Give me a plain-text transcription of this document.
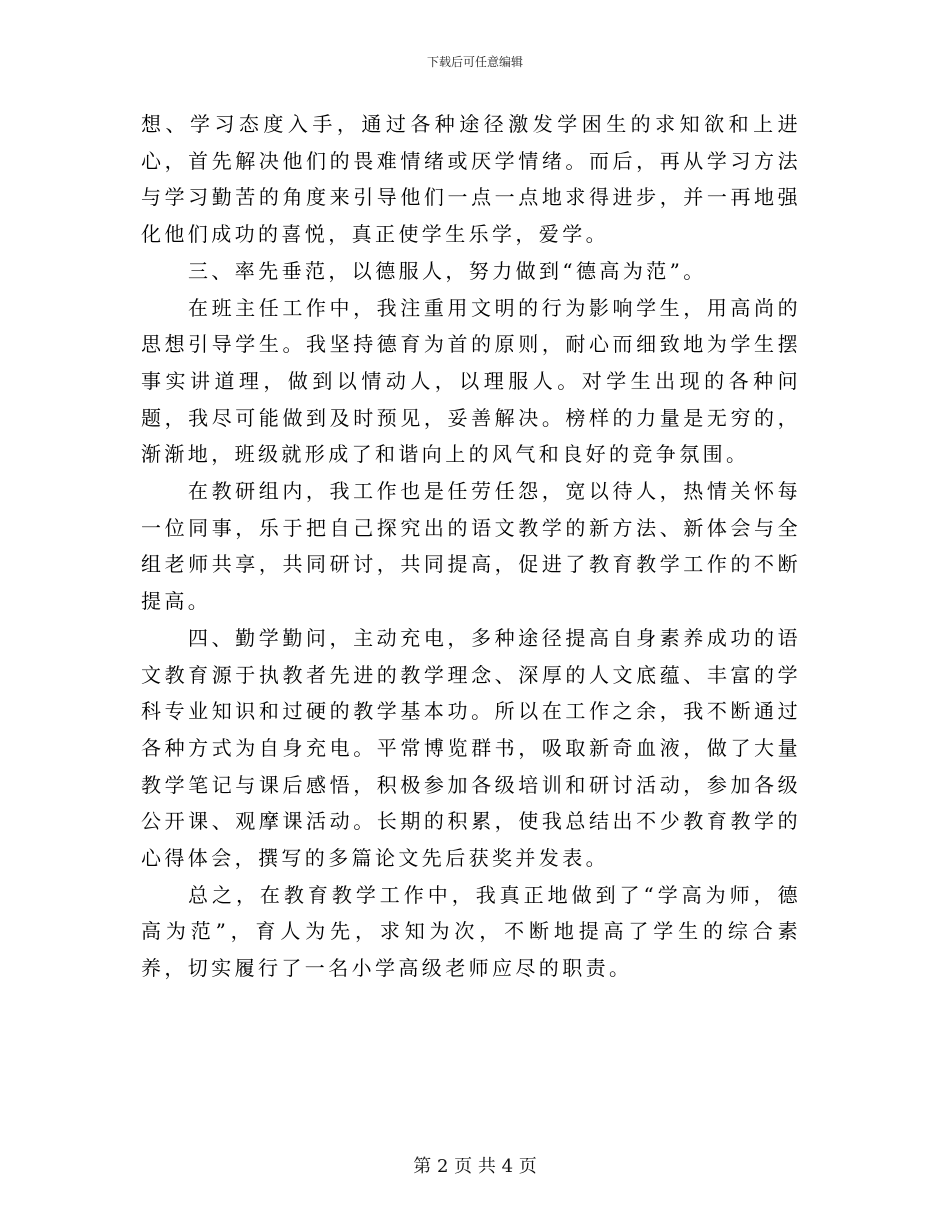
下载后可任意编辑

想、学习态度入手，通过各种途径激发学困生的求知欲和上进心，首先解决他们的畏难情绪或厌学情绪。而后，再从学习方法与学习勤苦的角度来引导他们一点一点地求得进步，并一再地强化他们成功的喜悦，真正使学生乐学，爱学。

三、率先垂范，以德服人，努力做到“德高为范”。

在班主任工作中，我注重用文明的行为影响学生，用高尚的思想引导学生。我坚持德育为首的原则，耐心而细致地为学生摆事实讲道理，做到以情动人，以理服人。对学生出现的各种问题，我尽可能做到及时预见，妥善解决。榜样的力量是无穷的，渐渐地，班级就形成了和谐向上的风气和良好的竞争氛围。

在教研组内，我工作也是任劳任怨，宽以待人，热情关怀每一位同事，乐于把自己探究出的语文教学的新方法、新体会与全组老师共享，共同研讨，共同提高，促进了教育教学工作的不断提高。

四、勤学勤问，主动充电，多种途径提高自身素养成功的语文教育源于执教者先进的教学理念、深厚的人文底蕴、丰富的学科专业知识和过硬的教学基本功。所以在工作之余，我不断通过各种方式为自身充电。平常博览群书，吸取新奇血液，做了大量教学笔记与课后感悟，积极参加各级培训和研讨活动，参加各级公开课、观摩课活动。长期的积累，使我总结出不少教育教学的心得体会，撰写的多篇论文先后获奖并发表。

总之，在教育教学工作中，我真正地做到了“学高为师，德高为范”，育人为先，求知为次，不断地提高了学生的综合素养，切实履行了一名小学高级老师应尽的职责。

第 2 页 共 4 页
